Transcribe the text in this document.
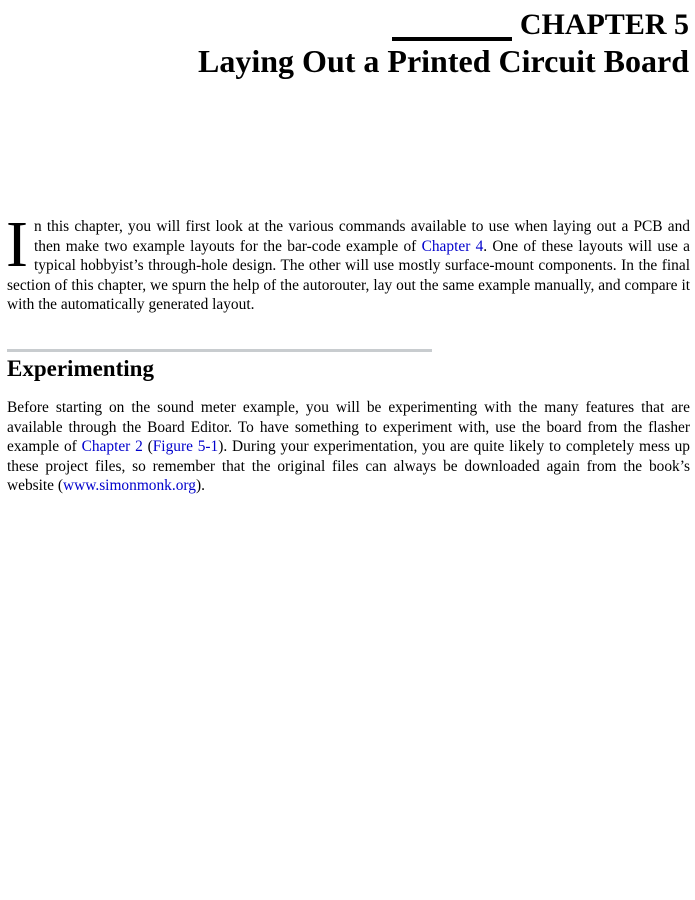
CHAPTER 5
Laying Out a Printed Circuit Board

In this chapter, you will first look at the various commands available to use when laying out a PCB and then make two example layouts for the bar-code example of Chapter 4. One of these layouts will use a typical hobbyist’s through-hole design. The other will use mostly surface-mount components. In the final section of this chapter, we spurn the help of the autorouter, lay out the same example manually, and compare it with the automatically generated layout.

Experimenting

Before starting on the sound meter example, you will be experimenting with the many features that are available through the Board Editor. To have something to experiment with, use the board from the flasher example of Chapter 2 (Figure 5-1). During your experimentation, you are quite likely to completely mess up these project files, so remember that the original files can always be downloaded again from the book’s website (www.simonmonk.org).
